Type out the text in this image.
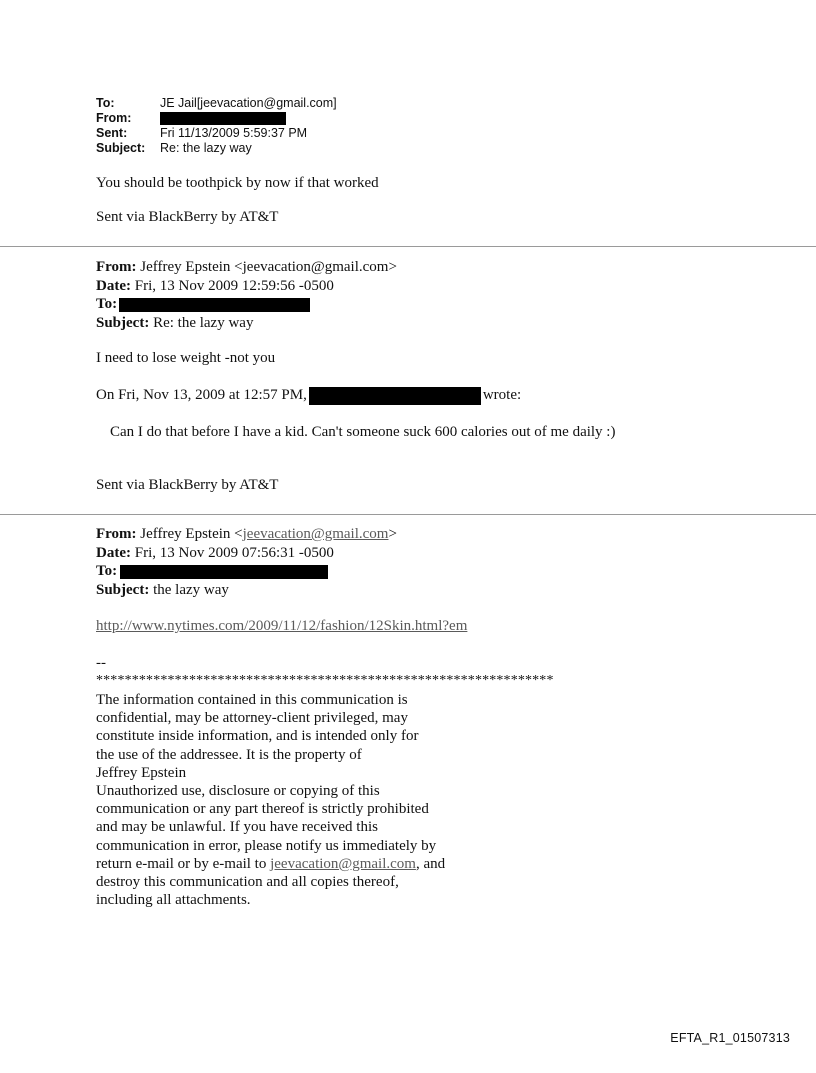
To:	JE Jail[jeevacation@gmail.com]
From:
Sent:	Fri 11/13/2009 5:59:37 PM
Subject: Re: the lazy way
You should be toothpick by now if that worked
Sent via BlackBerry by AT&T
From: Jeffrey Epstein <jeevacation@gmail.com>
Date: Fri, 13 Nov 2009 12:59:56 -0500
To:
Subject: Re: the lazy way
I need to lose weight -not you
On Fri, Nov 13, 2009 at 12:57 PM,	wrote:
Can I do that before I have a kid. Can't someone suck 600 calories out of me daily :)
Sent via BlackBerry by AT&T
From: Jeffrey Epstein <jeevacation@gmail.com>
Date: Fri, 13 Nov 2009 07:56:31 -0500
To:
Subject: the lazy way
http://www.nytimes.com/2009/11/12/fashion/12Skin.html?em
--
****************************************************************
The information contained in this communication is
confidential, may be attorney-client privileged, may
constitute inside information, and is intended only for
the use of the addressee. It is the property of
Jeffrey Epstein
Unauthorized use, disclosure or copying of this
communication or any part thereof is strictly prohibited
and may be unlawful. If you have received this
communication in error, please notify us immediately by
return e-mail or by e-mail to jeevacation@gmail.com, and
destroy this communication and all copies thereof,
including all attachments.
EFTA_R1_01507313
